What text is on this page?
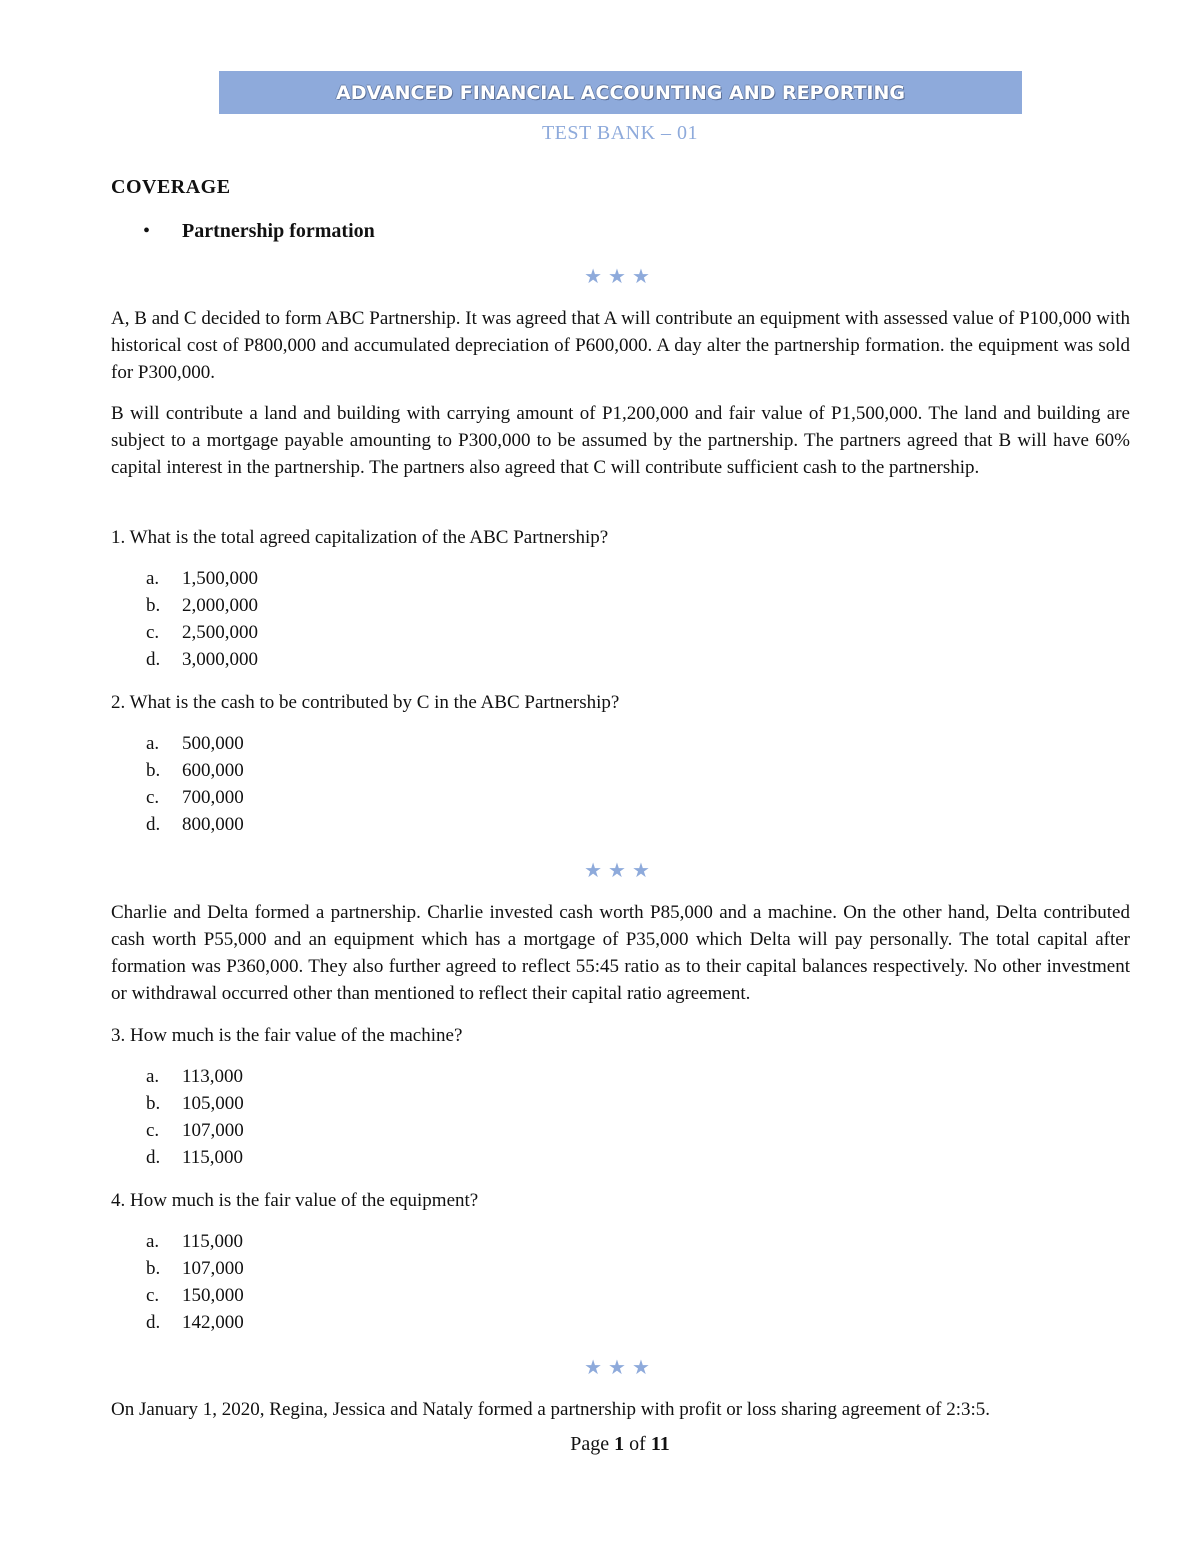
ADVANCED FINANCIAL ACCOUNTING AND REPORTING
TEST BANK – 01
COVERAGE
•	Partnership formation
★★★

A, B and C decided to form ABC Partnership. It was agreed that A will contribute an equipment with assessed value of P100,000 with historical cost of P800,000 and accumulated depreciation of P600,000. A day alter the partnership formation. the equipment was sold for P300,000.

B will contribute a land and building with carrying amount of P1,200,000 and fair value of P1,500,000. The land and building are subject to a mortgage payable amounting to P300,000 to be assumed by the partnership. The partners agreed that B will have 60% capital interest in the partnership. The partners also agreed that C will contribute sufficient cash to the partnership.

1. What is the total agreed capitalization of the ABC Partnership?
a.	1,500,000
b.	2,000,000
c.	2,500,000
d.	3,000,000
2. What is the cash to be contributed by C in the ABC Partnership?
a.	500,000
b.	600,000
c.	700,000
d.	800,000
★★★

Charlie and Delta formed a partnership. Charlie invested cash worth P85,000 and a machine. On the other hand, Delta contributed cash worth P55,000 and an equipment which has a mortgage of P35,000 which Delta will pay personally. The total capital after formation was P360,000. They also further agreed to reflect 55:45 ratio as to their capital balances respectively. No other investment or withdrawal occurred other than mentioned to reflect their capital ratio agreement.

3. How much is the fair value of the machine?
a.	113,000
b.	105,000
c.	107,000
d.	115,000
4. How much is the fair value of the equipment?
a.	115,000
b.	107,000
c.	150,000
d.	142,000
★★★

On January 1, 2020, Regina, Jessica and Nataly formed a partnership with profit or loss sharing agreement of 2:3:5.

Page 1 of 11
